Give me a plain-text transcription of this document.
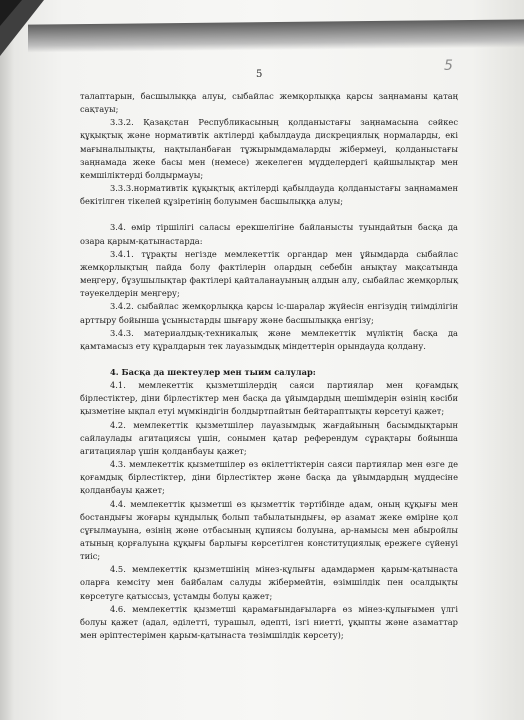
5
5

талаптарын, басшылыққа алуы, сыбайлас жемқорлыққа қарсы заңнаманы қатаң сақтауы;

3.3.2. Қазақстан Республикасының қолданыстағы заңнамасына сәйкес құқықтық және нормативтік актілерді қабылдауда дискрециялық нормаларды, екі мағыналылықты, нақтыланбаған тұжырымдамаларды жібермеуі, қолданыстағы заңнамада жеке басы мен (немесе) жекелеген мүдделердегі қайшылықтар мен кемшіліктерді болдырмауы;

3.3.3.нормативтік құқықтық актілерді қабылдауда қолданыстағы заңнамамен бекітілген тікелей құзіретінің болуымен басшылыққа алуы;

3.4. өмір тіршілігі саласы ерекшелігіне байланысты туындайтын басқа да озара қарым-қатынастарда:

3.4.1. тұрақты негізде мемлекеттік органдар мен ұйымдарда сыбайлас жемқорлықтың пайда болу фактілерін олардың себебін анықтау мақсатында меңгеру, бұзушылықтар фактілері қайталанауының алдын алу, сыбайлас жемқорлық тәуекелдерін меңгеру;

3.4.2. сыбайлас жемқорлыққа қарсы іс-шаралар жүйесін енгізудің тиімділігін арттыру бойынша ұсыныстарды шығару және басшылыққа енгізу;

3.4.3. материалдық-техникалық және мемлекеттік мүліктің басқа да қамтамасыз ету құралдарын тек лауазымдық міндеттерін орындауда қолдану.

4. Басқа да шектеулер мен тыим салулар:

4.1. мемлекеттік қызметшілердің саяси партиялар мен қоғамдық бірлестіктер, діни бірлестіктер мен басқа да ұйымдардың шешімдерін өзінің кәсіби қызметіне ықпал етуі мүмкіндігін болдыртпайтын бейтараптықты көрсетуі қажет;

4.2. мемлекеттік қызметшілер лауазымдық жағдайының басымдықтарын сайлаулады агитациясы үшін, сонымен қатар референдум сұрақтары бойынша агитациялар үшін қолданбауы қажет;

4.3. мемлекеттік қызметшілер өз өкілеттіктерін саяси партиялар мен өзге де қоғамдық бірлестіктер, діни бірлестіктер және басқа да ұйымдардың мүддесіне қолданбауы қажет;

4.4. мемлекеттік қызметші өз қызметтік тәртібінде адам, оның құқығы мен бостандығы жоғары құндылық болып табылатындығы, әр азамат жеке өміріне қол сұғылмауына, өзінің және отбасының құпиясы болуына, ар-намысы мен абыройлы атының қорғалуына құқығы барлығы көрсетілген конституциялық ережеге сүйенуі тиіс;

4.5. мемлекеттік қызметшінің мінез-құлығы адамдармен қарым-қатынаста оларға кемсіту мен байбалам салуды жібермейтін, өзімшілдік пен осалдықты көрсетуге қатыссыз, ұстамды болуы қажет;

4.6. мемлекеттік қызметші қарамағындағыларға өз мінез-құлығымен үлгі болуы қажет (адал, әділетті, турашыл, әдепті, ізгі ниетті, ұқыпты және азаматтар мен әріптестерімен қарым-қатынаста төзімшілдік көрсету);
